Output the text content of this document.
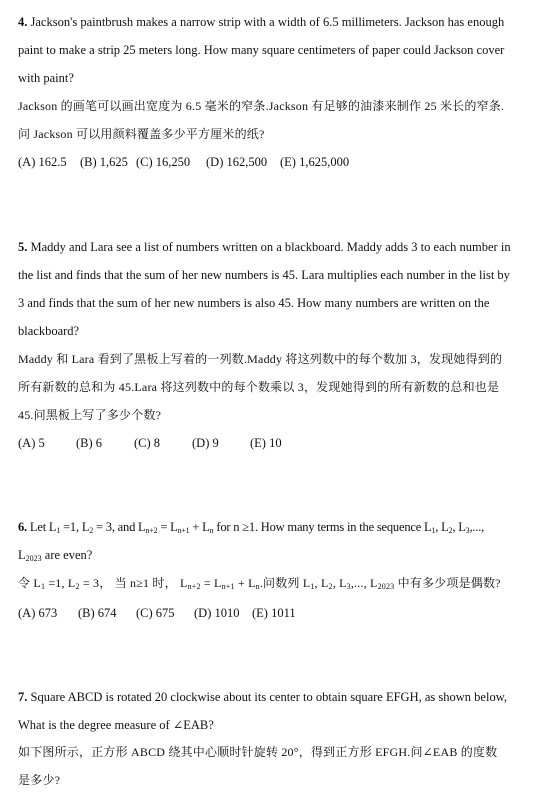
4. Jackson's paintbrush makes a narrow strip with a width of 6.5 millimeters. Jackson has enough
paint to make a strip 25 meters long. How many square centimeters of paper could Jackson cover
with paint?
Jackson 的画笔可以画出宽度为 6.5 毫米的窄条.Jackson 有足够的油漆来制作 25 米长的窄条.
问 Jackson 可以用颜料覆盖多少平方厘米的纸?
(A) 162.5 (B) 1,625 (C) 16,250 (D) 162,500 (E) 1,625,000
5. Maddy and Lara see a list of numbers written on a blackboard. Maddy adds 3 to each number in
the list and finds that the sum of her new numbers is 45. Lara multiplies each number in the list by
3 and finds that the sum of her new numbers is also 45. How many numbers are written on the
blackboard?
Maddy 和 Lara 看到了黑板上写着的一列数.Maddy 将这列数中的每个数加 3，发现她得到的
所有新数的总和为 45.Lara 将这列数中的每个数乘以 3，发现她得到的所有新数的总和也是
45.问黑板上写了多少个数?
(A) 5	(B) 6	(C) 8	(D) 9	(E) 10
6. Let $L_1 =1$, $L_2 = 3$, and $L_{n+2} = L_{n+1} + L_n$ for n ≥1. How many terms in the sequence $L_1$, $L_2$, $L_3$,...,
$L_{2023}$ are even?
令 $L_1 =1$, $L_2 = 3$， 当 n≥1 时， $L_{n+2} = L_{n+1} + L_n$.问数列 $L_1$, $L_2$, $L_3$,..., $L_{2023}$ 中有多少项是偶数?
(A) 673 (B) 674 (C) 675 (D) 1010 (E) 1011
7. Square ABCD is rotated 20 clockwise about its center to obtain square EFGH, as shown below,
What is the degree measure of ∠EAB?
如下图所示，正方形 ABCD 绕其中心顺时针旋转 20°，得到正方形 EFGH.问∠EAB 的度数
是多少?
